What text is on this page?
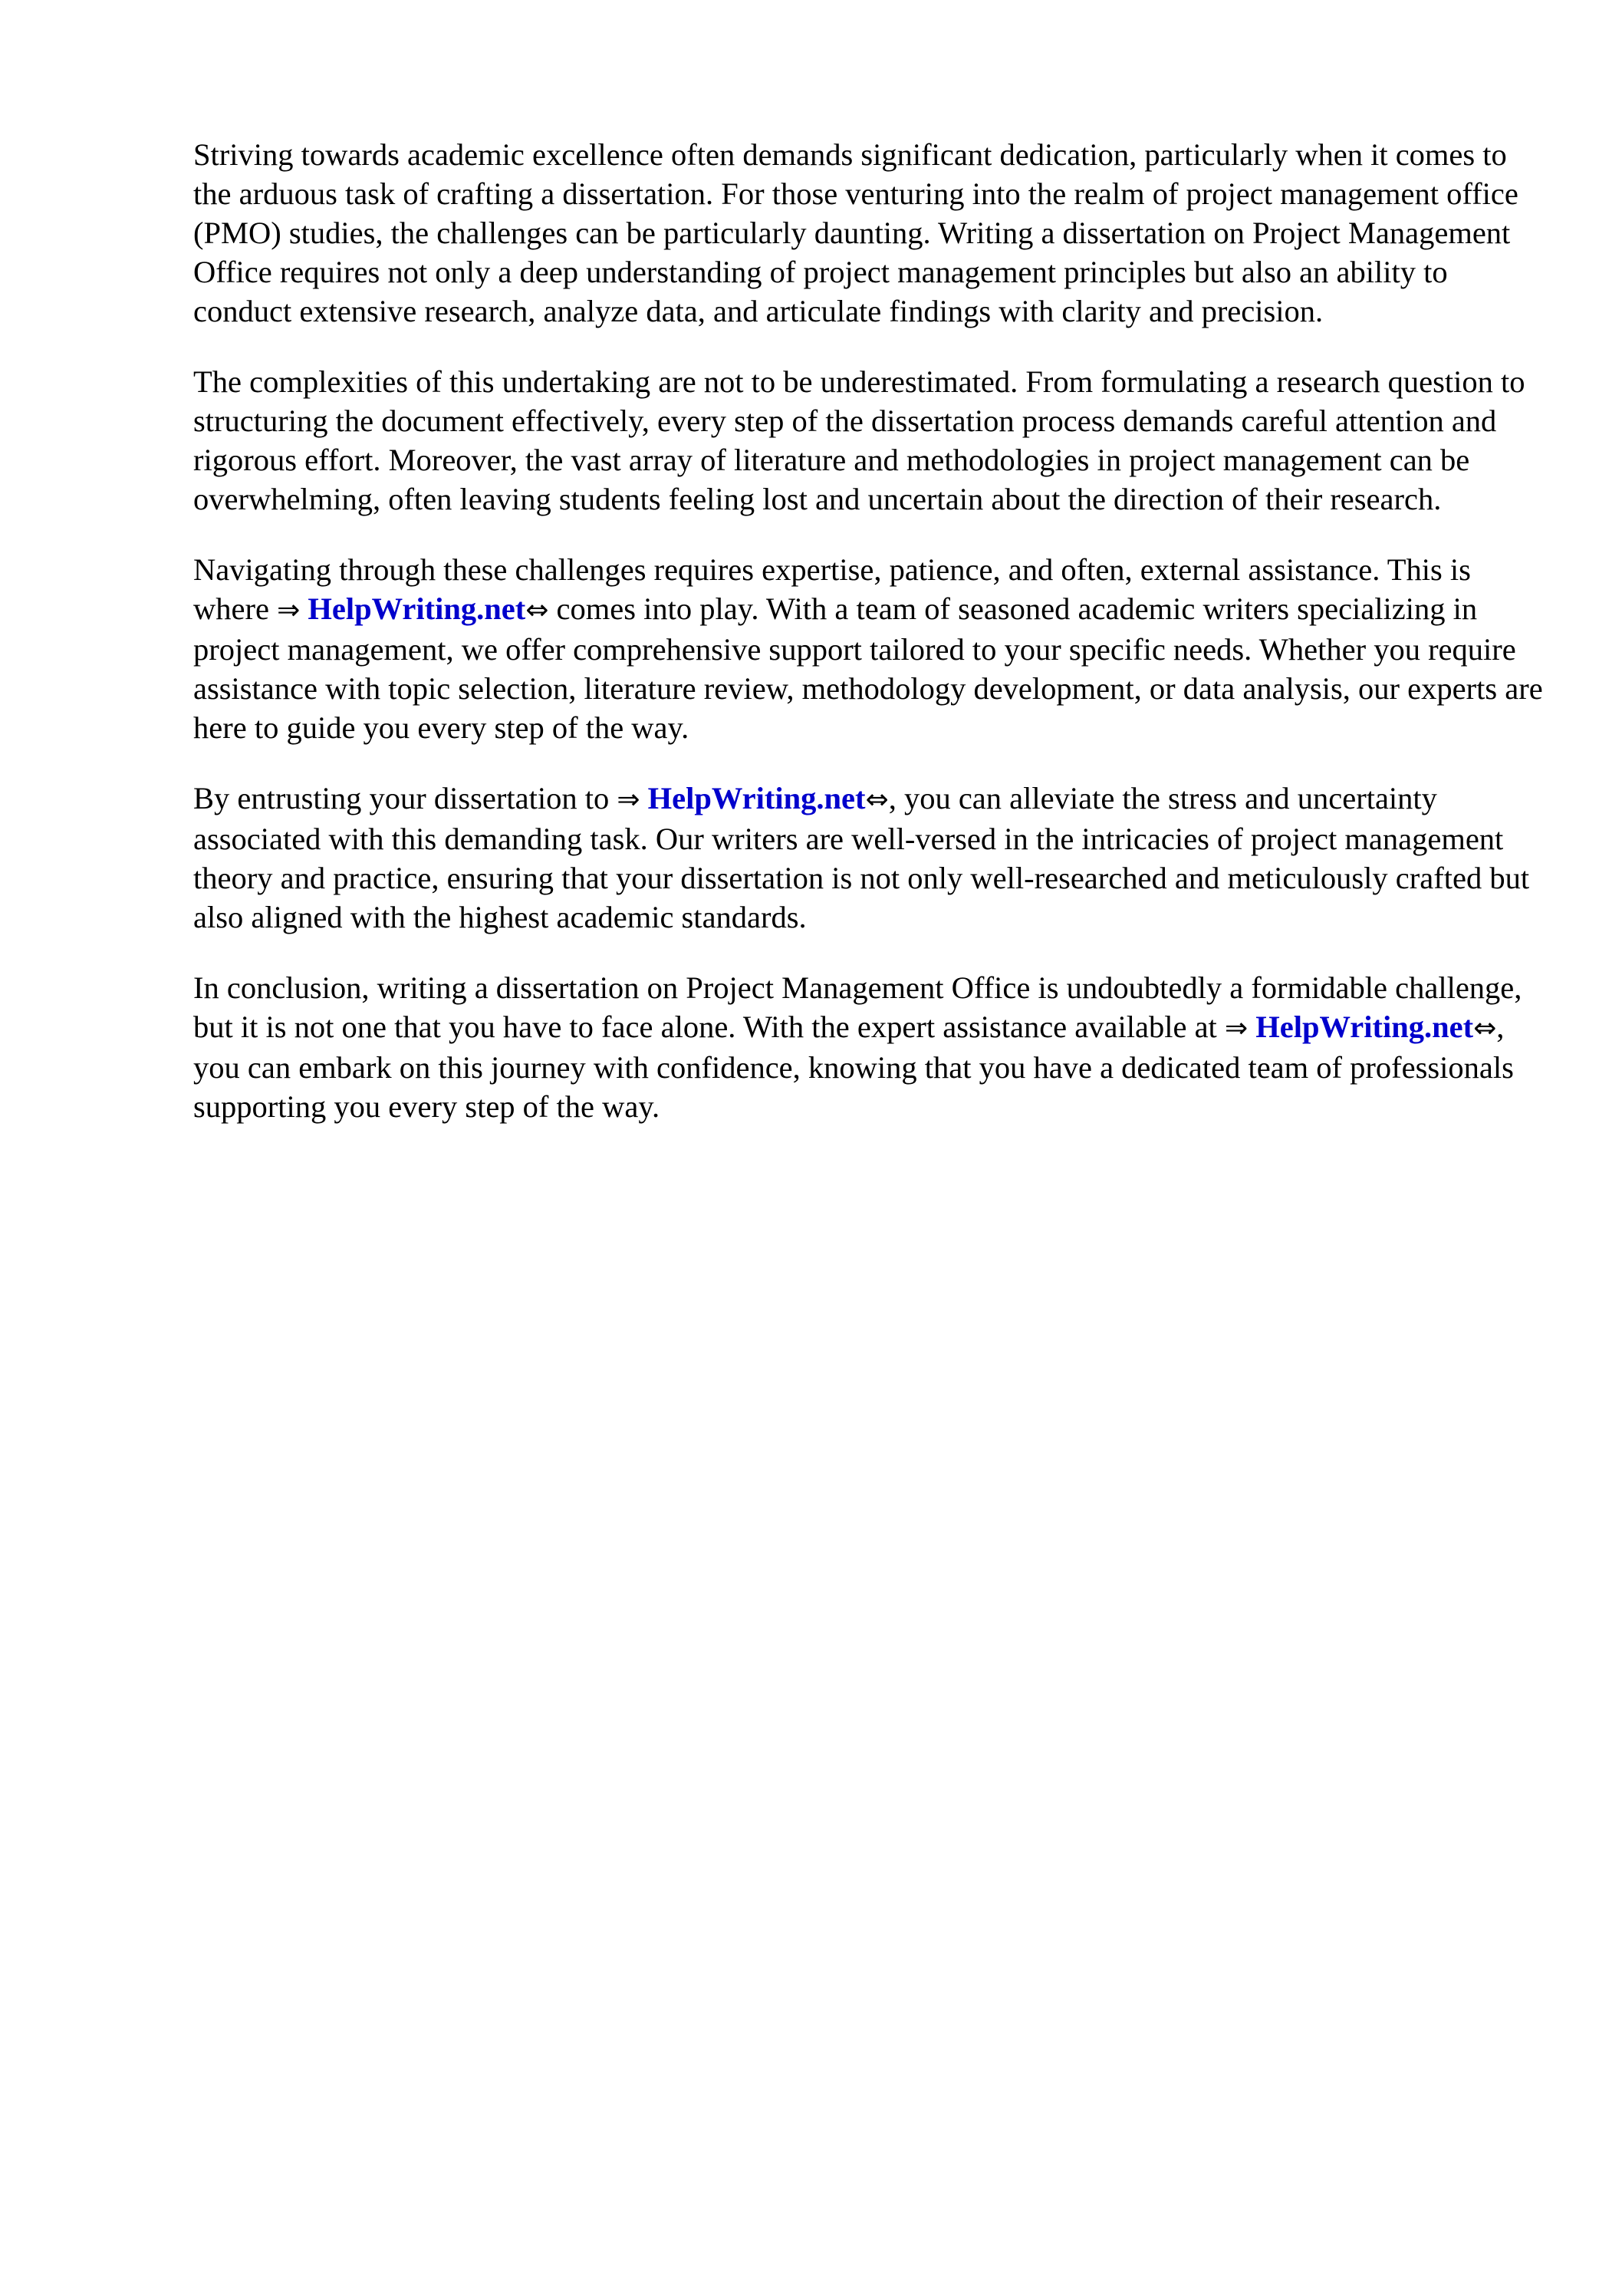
Striving towards academic excellence often demands significant dedication, particularly when it comes to the arduous task of crafting a dissertation. For those venturing into the realm of project management office (PMO) studies, the challenges can be particularly daunting. Writing a dissertation on Project Management Office requires not only a deep understanding of project management principles but also an ability to conduct extensive research, analyze data, and articulate findings with clarity and precision.

The complexities of this undertaking are not to be underestimated. From formulating a research question to structuring the document effectively, every step of the dissertation process demands careful attention and rigorous effort. Moreover, the vast array of literature and methodologies in project management can be overwhelming, often leaving students feeling lost and uncertain about the direction of their research.

Navigating through these challenges requires expertise, patience, and often, external assistance. This is where ⇒ HelpWriting.net⇔ comes into play. With a team of seasoned academic writers specializing in project management, we offer comprehensive support tailored to your specific needs. Whether you require assistance with topic selection, literature review, methodology development, or data analysis, our experts are here to guide you every step of the way.

By entrusting your dissertation to ⇒ HelpWriting.net⇔, you can alleviate the stress and uncertainty associated with this demanding task. Our writers are well-versed in the intricacies of project management theory and practice, ensuring that your dissertation is not only well-researched and meticulously crafted but also aligned with the highest academic standards.

In conclusion, writing a dissertation on Project Management Office is undoubtedly a formidable challenge, but it is not one that you have to face alone. With the expert assistance available at ⇒ HelpWriting.net⇔, you can embark on this journey with confidence, knowing that you have a dedicated team of professionals supporting you every step of the way.
